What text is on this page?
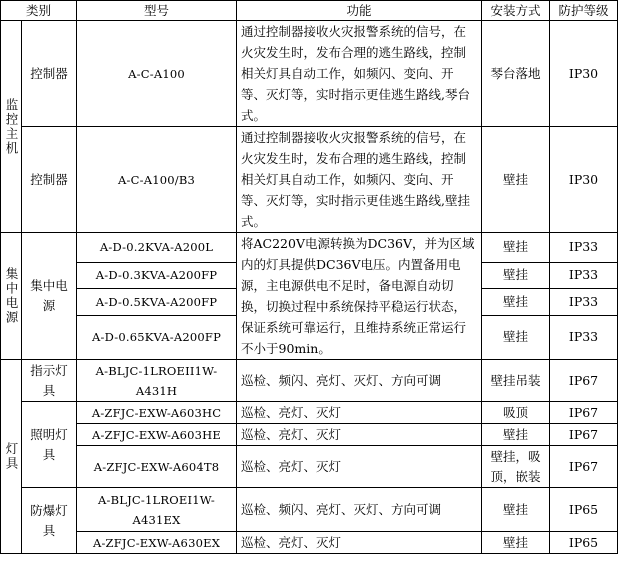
类别		型号	功能	安装方式	防护等级
监控主机	控制器	A-C-A100	通过控制器接收火灾报警系统的信号，在火灾发生时，发布合理的逃生路线，控制相关灯具自动工作，如频闪、变向、开等、灭灯等，实时指示更佳逃生路线,琴台式。	琴台落地	IP30
	控制器	A-C-A100/B3	通过控制器接收火灾报警系统的信号，在火灾发生时，发布合理的逃生路线，控制相关灯具自动工作，如频闪、变向、开等、灭灯等，实时指示更佳逃生路线,壁挂式。	壁挂	IP30
集中电源	集中电源	A-D-0.2KVA-A200L	将AC220V电源转换为DC36V，并为区域内的灯具提供DC36V电压。内置备用电源，主电源供电不足时，备电源自动切换，切换过程中系统保持平稳运行状态，保证系统可靠运行，且维持系统正常运行不小于90min。	壁挂	IP33
		A-D-0.3KVA-A200FP		壁挂	IP33
		A-D-0.5KVA-A200FP		壁挂	IP33
		A-D-0.65KVA-A200FP		壁挂	IP33
灯具	指示灯具	A-BLJC-1LROEII1W-A431H	巡检、频闪、亮灯、灭灯、方向可调	壁挂吊装	IP67
	照明灯具	A-ZFJC-EXW-A603HC	巡检、亮灯、灭灯	吸顶	IP67
		A-ZFJC-EXW-A603HE	巡检、亮灯、灭灯	壁挂	IP67
		A-ZFJC-EXW-A604T8	巡检、亮灯、灭灯	壁挂，吸顶，嵌装	IP67
	防爆灯具	A-BLJC-1LROEⅠ1W-A431EX	巡检、频闪、亮灯、灭灯、方向可调	壁挂	IP65
		A-ZFJC-EXW-A630EX	巡检、亮灯、灭灯	壁挂	IP65
